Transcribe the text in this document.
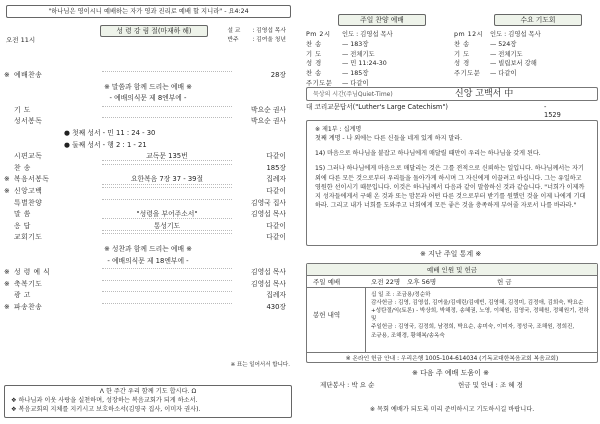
"하나님은 영이시니 예배하는 자가 영과 진리로 예배 할 지니라" - 요4:24
성 령 강 림 절(마재하 해)
오전 11시
설 교 : 김영섭 목사
반주 : 김여울 청년
※ 예배찬송	28장
※ 말씀과 함께 드리는 예배 ※
- 예배의식문 제 8엔부에 -
기 도	박요순 권사
성서봉독	박요순 권사
● 첫째 성서 - 민 11 : 24 - 30
● 둘째 성서 - 행 2 : 1 - 21
시편교독	교독문 135번	다같이
찬 송	185장
※ 복음서봉독	요한복음 7장 37 - 39절	집례자
※ 신앙고백	다같이
특별찬양	김영국 집사
말 씀	"성령을 부어주소서"	김영섭 목사
응 답	통성기도	다같이
교회기도	다같이
※ 성찬과 함께 드리는 예배 ※
- 예배의식문 제 18엔부에 -
※ 성 령 예 식	김영섭 목사
※ 축복기도	김영섭 목사
광 고	집례자
※ 파송찬송	430장
※ 표는 일어서서 합니다.
Λ 한 주간 우리 함께 기도 합시다. Ω
❖ 하나님과 이웃 사랑을 실천하며, 성장하는 복음교회가 되게 하소서.
❖ 복음교회의 지체를 지키시고 보호하소서(김영국 집사, 이미자 권사).
주일 찬양 예배	수요 기도회
Pm 2시	인도 : 김영섭 목사
찬 송	— 183장
기 도	— 전체기도
성 경	— 민 11:24-30
찬 송	— 185장
주기도문	— 다같이
pm 12시	인도 : 김영섭 목사
찬 송	— 524장
기 도	— 전체기도
성 경	— 빌립보서 강해
주기도문	— 다같이
묵상의 시간(주님Quiet-Time)	신앙 고백서 中
대 코리교문답서("Luther's Large Catechism")	- 1529

※ 제1부 : 십계명
첫째 계명 - 나 외에는 다른 신들을 네게 있게 하지 말라.

14) 마음으로 하나님을 붙잡고 하나님에게 매달릴 때만이 우리는 하나님을 갖게 된다.

15) 그러나 하나님에게 마음으로 매달리는 것은 그를 전적으로 신뢰하는 일입니다. 하나님께서는 자기 외에 다른 모든 것으로부터 우리들을 돌아가게 하시며 그 자신에게 이끌려고 하십니다. 그는 유일하고 영원한 선이시기 때문입니다. 이것은 하나님께서 다음과 같이 말씀하신 것과 같습니다. "너희가 이제까지 성자들에게서 구해 온 것과 또는 맘몬과 어떤 다른 것으로부터 받기를 원했던 것을 이제 나에게 기대하라. 그리고 내가 너희를 도와주고 너희에게 모든 좋은 것을 충족하게 부어줄 자로서 나를 바라라."

※ 지난 주일 통계 ※
예배 인원 및 헌금
주일 예배	오전 22명 오후 56명	헌 금
봉헌 내역
십 일 조 : 조금용/정순하
감사헌금 : 김영, 김영섭, 김여울/김예린/김예빈, 김영해, 김정미, 김정애, 김희숙, 박요순
+성탄절/익(토론) - 박상희, 박해정, 송혜권, 노영, 이혜원, 김영국, 정혜원, 정혜원기, 전하 및
주일헌금 : 김영국, 김정희, 남경희, 박요순, 송미숙, 이미자, 정성국, 조해원, 정희진,
조규용, 조해경, 황해복/송옥숙
※ 온라인 헌금 안내 : 우리은행 1005-104-614034 (기독교대한복음교회 복음교회)
※ 다음 주 예배 도움이 ※
제단봉사 : 박 요 순	헌금 및 안내 : 조 혜 경
※ 목회 예배가 되도록 미리 준비하시고 기도하시길 바랍니다.
